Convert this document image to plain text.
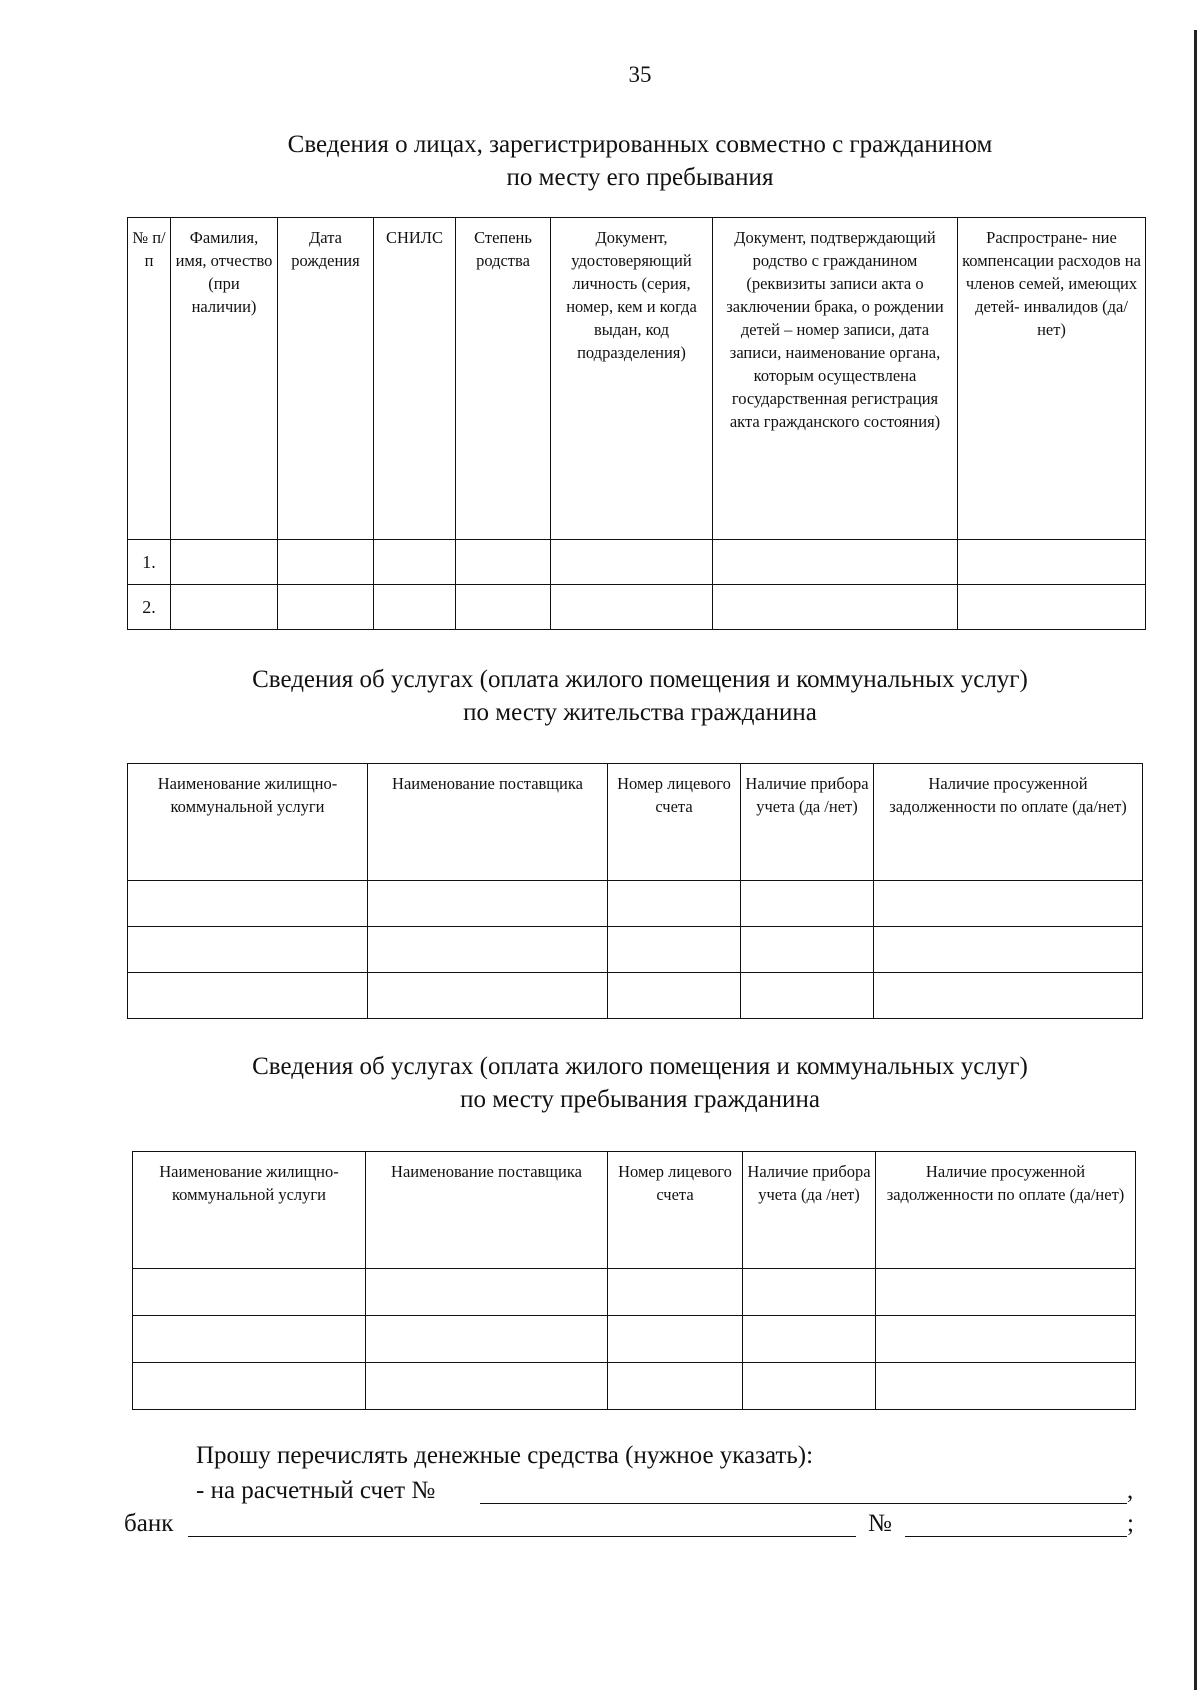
35
Сведения о лицах, зарегистрированных совместно с гражданином
по месту его пребывания
№ п/п	Фамилия, имя, отчество (при наличии)	Дата рождения	СНИЛС	Степень родства	Документ, удостоверяющий личность (серия, номер, кем и когда выдан, код подразделения)	Документ, подтверждающий родство с гражданином (реквизиты записи акта о заключении брака, о рождении детей – номер записи, дата записи, наименование органа, которым осуществлена государственная регистрация акта гражданского состояния)	Распростране- ние компенсации расходов на членов семей, имеющих детей- инвалидов (да/нет)
1.							
2.							
Сведения об услугах (оплата жилого помещения и коммунальных услуг)
по месту жительства гражданина
Наименование жилищно- коммунальной услуги	Наименование поставщика	Номер лицевого счета	Наличие прибора учета (да /нет)	Наличие просуженной задолженности по оплате (да/нет)

Сведения об услугах (оплата жилого помещения и коммунальных услуг)
по месту пребывания гражданина
Наименование жилищно- коммунальной услуги	Наименование поставщика	Номер лицевого счета	Наличие прибора учета (да /нет)	Наличие просуженной задолженности по оплате (да/нет)

Прошу перечислять денежные средства (нужное указать):
- на расчетный счет №	,
банк	№	;
